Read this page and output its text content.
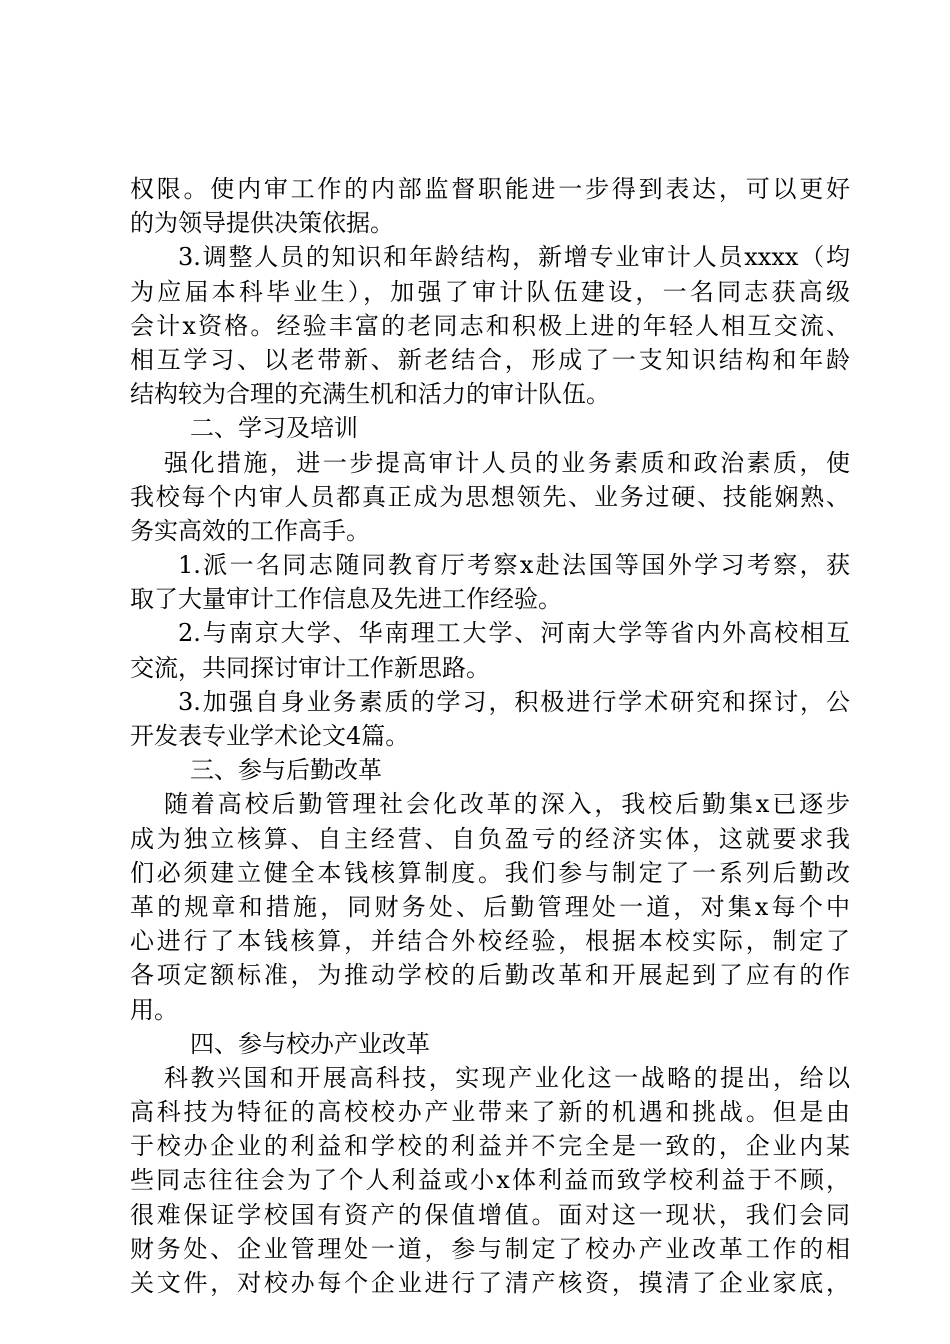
权限。使内审工作的内部监督职能进一步得到表达，可以更好
的为领导提供决策依据。
3.调整人员的知识和年龄结构，新增专业审计人员xxxx（均
为应届本科毕业生），加强了审计队伍建设，一名同志获高级
会计x资格。经验丰富的老同志和积极上进的年轻人相互交流、
相互学习、以老带新、新老结合，形成了一支知识结构和年龄
结构较为合理的充满生机和活力的审计队伍。
二、学习及培训
强化措施，进一步提高审计人员的业务素质和政治素质，使
我校每个内审人员都真正成为思想领先、业务过硬、技能娴熟、
务实高效的工作高手。
1.派一名同志随同教育厅考察x赴法国等国外学习考察，获
取了大量审计工作信息及先进工作经验。
2.与南京大学、华南理工大学、河南大学等省内外高校相互
交流，共同探讨审计工作新思路。
3.加强自身业务素质的学习，积极进行学术研究和探讨，公
开发表专业学术论文4篇。
三、参与后勤改革
随着高校后勤管理社会化改革的深入，我校后勤集x已逐步
成为独立核算、自主经营、自负盈亏的经济实体，这就要求我
们必须建立健全本钱核算制度。我们参与制定了一系列后勤改
革的规章和措施，同财务处、后勤管理处一道，对集x每个中
心进行了本钱核算，并结合外校经验，根据本校实际，制定了
各项定额标准，为推动学校的后勤改革和开展起到了应有的作
用。
四、参与校办产业改革
科教兴国和开展高科技，实现产业化这一战略的提出，给以
高科技为特征的高校校办产业带来了新的机遇和挑战。但是由
于校办企业的利益和学校的利益并不完全是一致的，企业内某
些同志往往会为了个人利益或小x体利益而致学校利益于不顾，
很难保证学校国有资产的保值增值。面对这一现状，我们会同
财务处、企业管理处一道，参与制定了校办产业改革工作的相
关文件，对校办每个企业进行了清产核资，摸清了企业家底，
